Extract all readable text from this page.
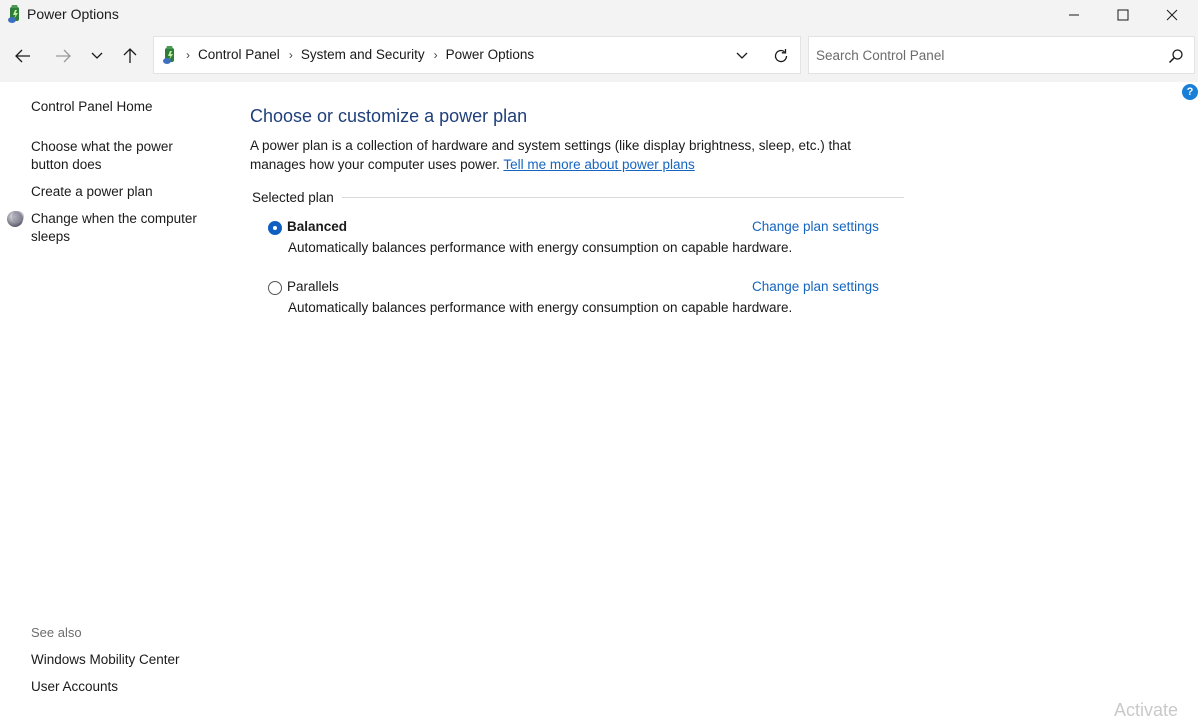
Power Options
› Control Panel › System and Security › Power Options
Search Control Panel
?
Control Panel Home
Choose what the power button does
Create a power plan
Change when the computer sleeps
See also
Windows Mobility Center
User Accounts
Choose or customize a power plan
A power plan is a collection of hardware and system settings (like display brightness, sleep, etc.) that manages how your computer uses power. Tell me more about power plans
Selected plan
Balanced	Change plan settings
Automatically balances performance with energy consumption on capable hardware.
Parallels	Change plan settings
Automatically balances performance with energy consumption on capable hardware.
Activate
